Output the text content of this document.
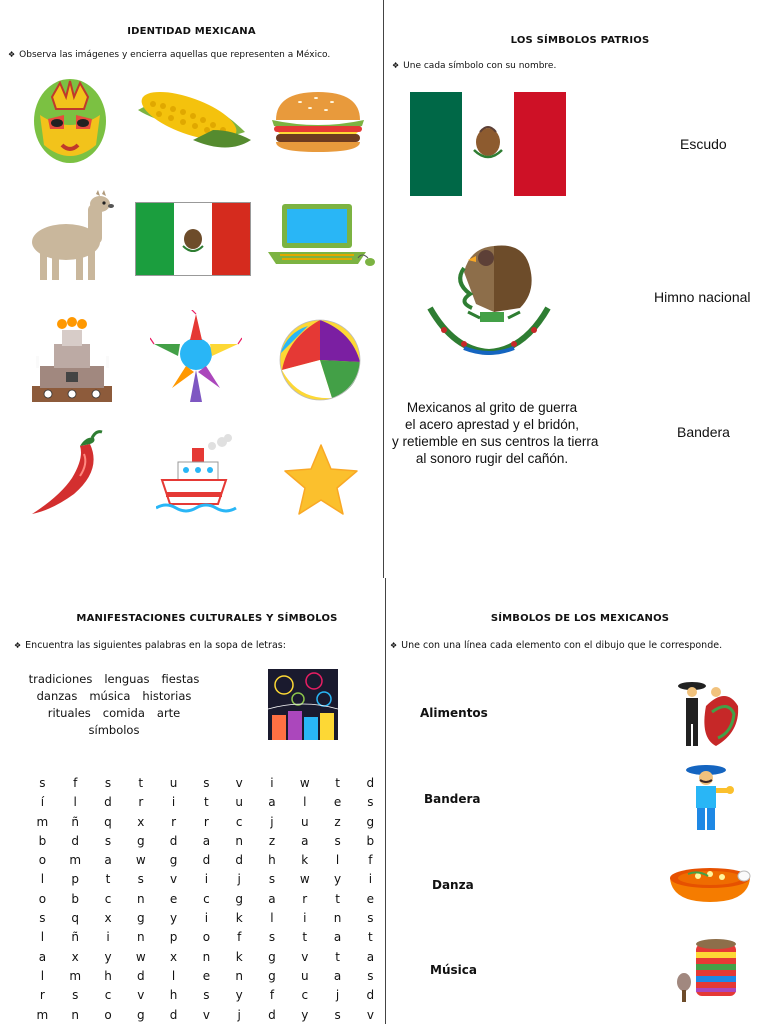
IDENTIDAD MEXICANA
❖ Observa las imágenes y encierra aquellas que representen a México.
LOS SÍMBOLOS PATRIOS
❖ Une cada símbolo con su nombre.
Mexicanos al grito de guerra
el acero aprestad y el bridón,
y retiemble en sus centros la tierra
al sonoro rugir del cañón.
Escudo
Himno nacional
Bandera
MANIFESTACIONES CULTURALES Y SÍMBOLOS
❖ Encuentra las siguientes palabras en la sopa de letras:
tradiciones lenguas fiestas
danzas música historias
rituales comida arte
símbolos
s	f	s	t	u	s	v	i	w	t	d
í	l	d	r	i	t	u	a	l	e	s
m	ñ	q	x	r	r	c	j	u	z	g
b	d	s	g	d	a	n	z	a	s	b
o	m	a	w	g	d	d	h	k	l	f
l	p	t	s	v	i	j	s	w	y	i
o	b	c	n	e	c	g	a	r	t	e
s	q	x	g	y	i	k	l	i	n	s
l	ñ	i	n	p	o	f	s	t	a	t
a	x	y	w	x	n	k	g	v	t	a
l	m	h	d	l	e	n	g	u	a	s
r	s	c	v	h	s	y	f	c	j	d
m	n	o	g	d	v	j	d	y	s	v
SÍMBOLOS DE LOS MEXICANOS
❖ Une con una línea cada elemento con el dibujo que le corresponde.
Alimentos
Bandera
Danza
Música
